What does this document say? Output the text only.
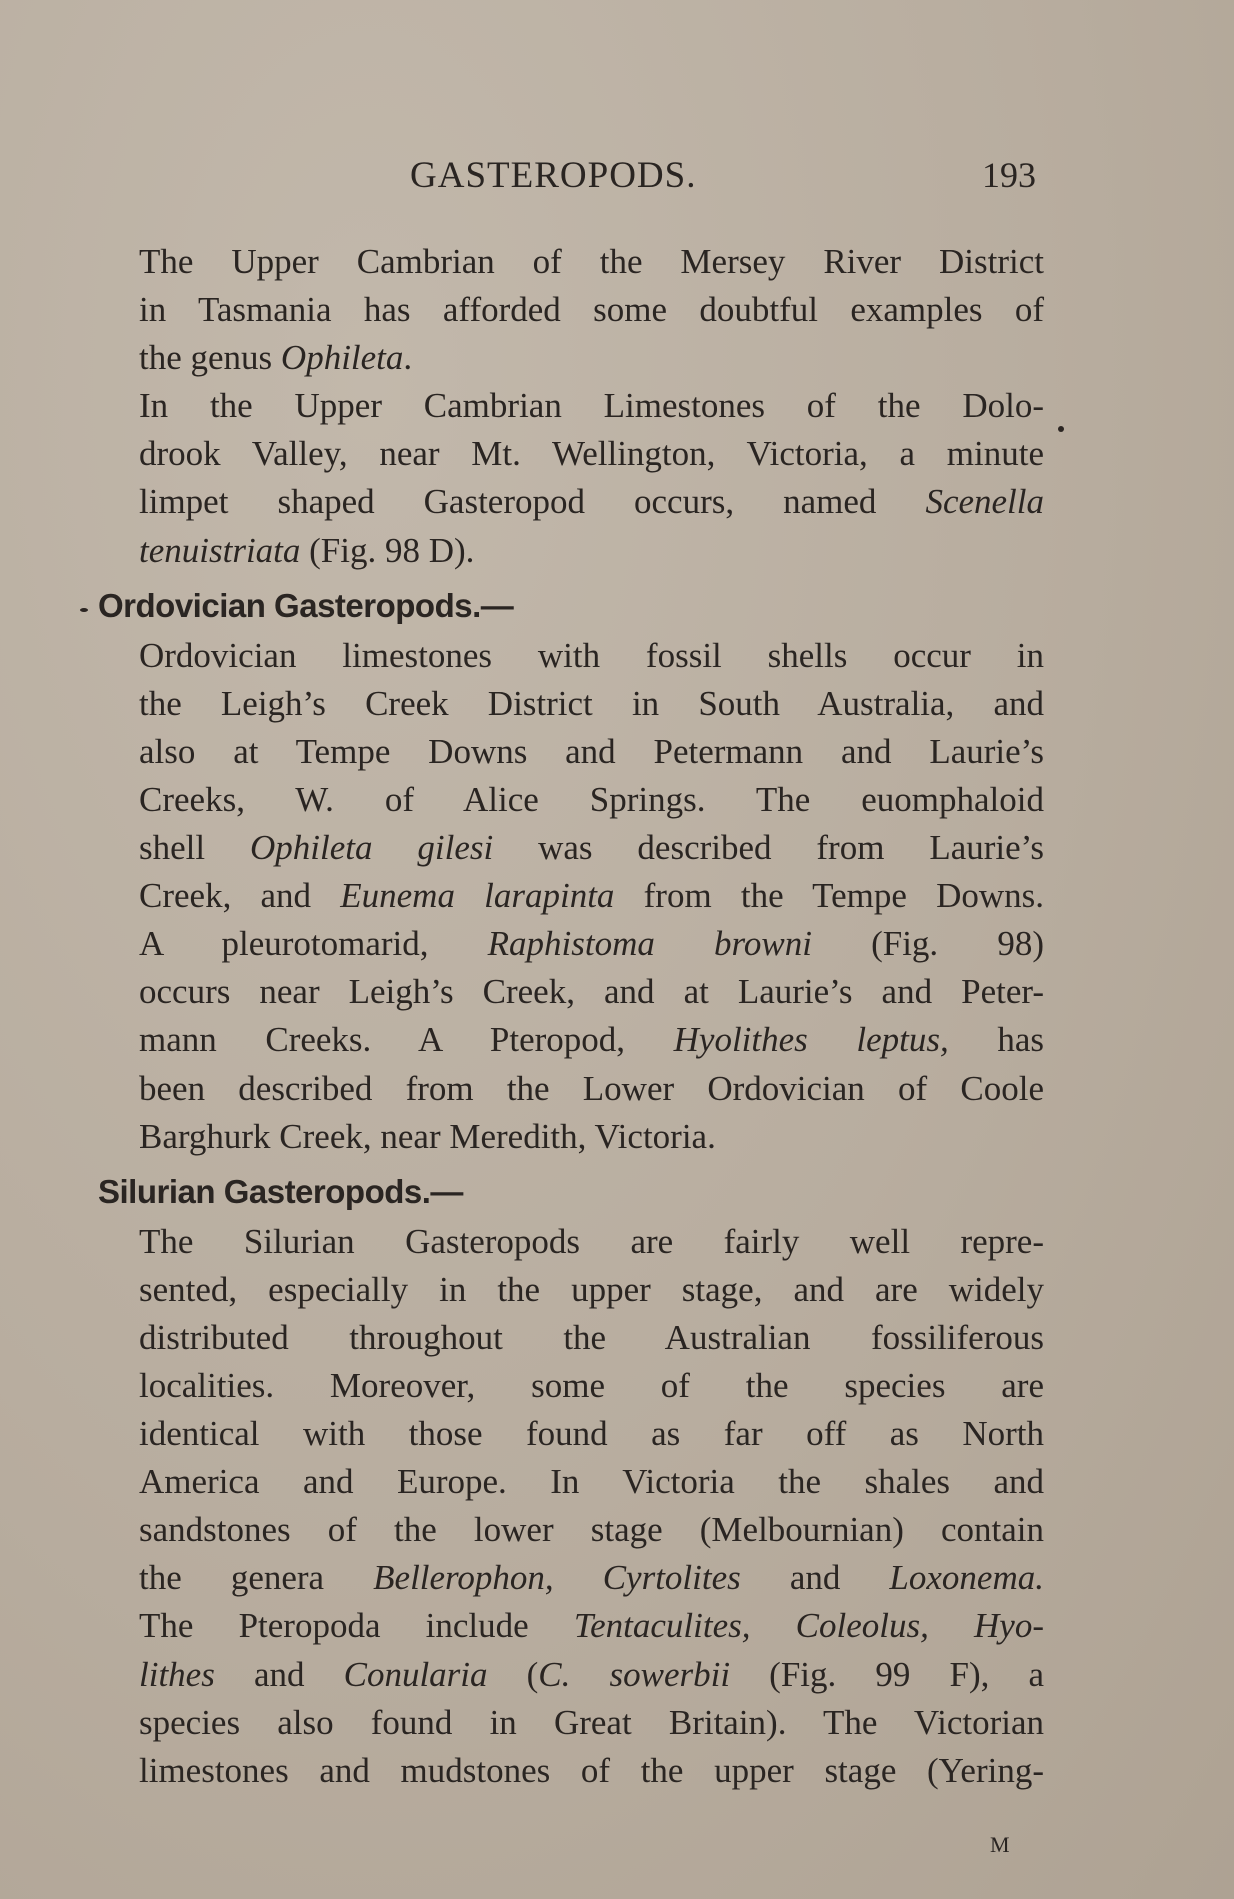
GASTEROPODS.	193

The Upper Cambrian of the Mersey River District
in Tasmania has afforded some doubtful examples of
the genus Ophileta.

In the Upper Cambrian Limestones of the Dolo-
drook Valley, near Mt. Wellington, Victoria, a minute
limpet shaped Gasteropod occurs, named Scenella
tenuistriata (Fig. 98 D).

Ordovician Gasteropods.—

Ordovician limestones with fossil shells occur in
the Leigh’s Creek District in South Australia, and
also at Tempe Downs and Petermann and Laurie’s
Creeks, W. of Alice Springs. The euomphaloid
shell Ophileta gilesi was described from Laurie’s
Creek, and Eunema larapinta from the Tempe Downs.
A pleurotomarid, Raphistoma browni (Fig. 98)
occurs near Leigh’s Creek, and at Laurie’s and Peter-
mann Creeks. A Pteropod, Hyolithes leptus, has
been described from the Lower Ordovician of Coole
Barghurk Creek, near Meredith, Victoria.

Silurian Gasteropods.—

The Silurian Gasteropods are fairly well repre-
sented, especially in the upper stage, and are widely
distributed throughout the Australian fossiliferous
localities. Moreover, some of the species are
identical with those found as far off as North
America and Europe. In Victoria the shales and
sandstones of the lower stage (Melbournian) contain
the genera Bellerophon, Cyrtolites and Loxonema.
The Pteropoda include Tentaculites, Coleolus, Hyo-
lithes and Conularia (C. sowerbii (Fig. 99 F), a
species also found in Great Britain). The Victorian
limestones and mudstones of the upper stage (Yering-

M
